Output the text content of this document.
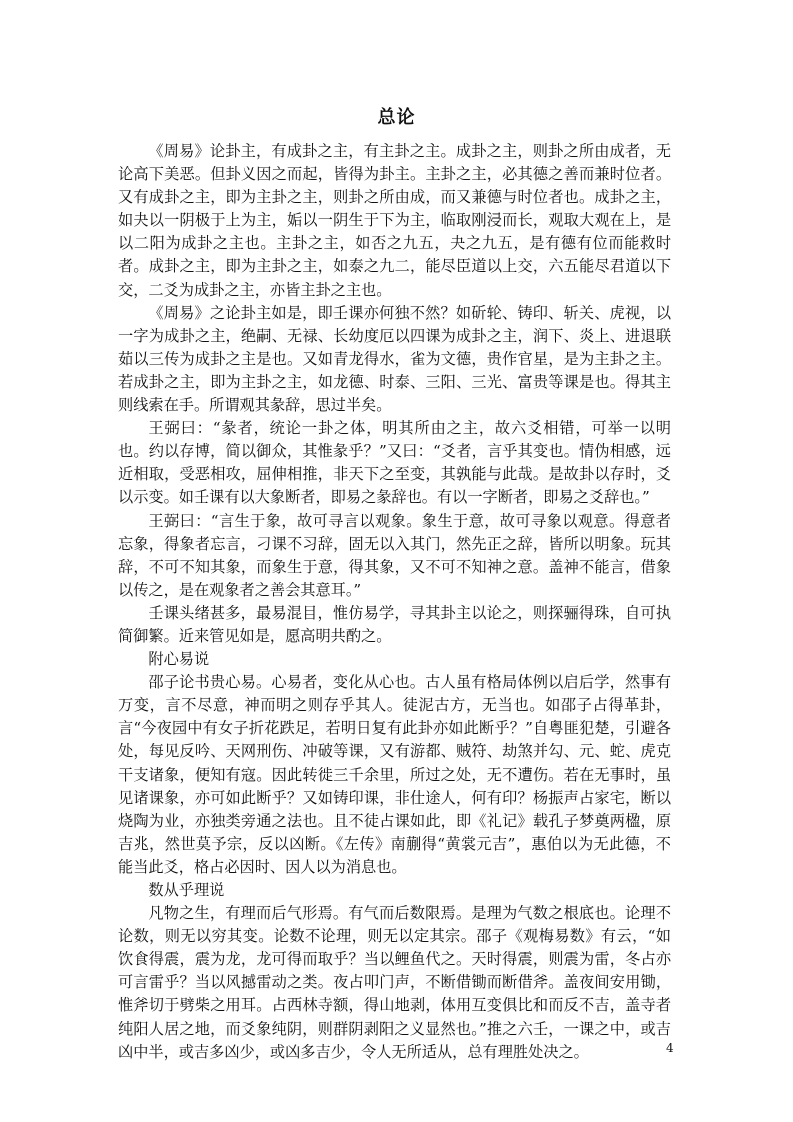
总论

《周易》论卦主，有成卦之主，有主卦之主。成卦之主，则卦之所由成者，无论高下美恶。但卦义因之而起，皆得为卦主。主卦之主，必其德之善而兼时位者。又有成卦之主，即为主卦之主，则卦之所由成，而又兼德与时位者也。成卦之主，如夬以一阴极于上为主，姤以一阴生于下为主，临取刚浸而长，观取大观在上，是以二阳为成卦之主也。主卦之主，如否之九五，夬之九五，是有德有位而能救时者。成卦之主，即为主卦之主，如泰之九二，能尽臣道以上交，六五能尽君道以下交，二爻为成卦之主，亦皆主卦之主也。

《周易》之论卦主如是，即壬课亦何独不然？如斫轮、铸印、斩关、虎视，以一字为成卦之主，绝嗣、无禄、长幼度厄以四课为成卦之主，润下、炎上、进退联茹以三传为成卦之主是也。又如青龙得水，雀为文德，贵作官星，是为主卦之主。若成卦之主，即为主卦之主，如龙德、时泰、三阳、三光、富贵等课是也。得其主则线索在手。所谓观其彖辞，思过半矣。

王弼曰：“彖者，统论一卦之体，明其所由之主，故六爻相错，可举一以明也。约以存博，简以御众，其惟彖乎？”又曰：“爻者，言乎其变也。情伪相感，远近相取，受恶相攻，屈伸相推，非天下之至变，其孰能与此哉。是故卦以存时，爻以示变。如壬课有以大象断者，即易之彖辞也。有以一字断者，即易之爻辞也。”

王弼曰：“言生于象，故可寻言以观象。象生于意，故可寻象以观意。得意者忘象，得象者忘言，刁课不习辞，固无以入其门，然先正之辞，皆所以明象。玩其辞，不可不知其象，而象生于意，得其象，又不可不知神之意。盖神不能言，借象以传之，是在观象者之善会其意耳。”

壬课头绪甚多，最易混目，惟仿易学，寻其卦主以论之，则探骊得珠，自可执简御繁。近来管见如是，愿高明共酌之。

附心易说

邵子论书贵心易。心易者，变化从心也。古人虽有格局体例以启后学，然事有万变，言不尽意，神而明之则存乎其人。徒泥古方，无当也。如邵子占得革卦，言“今夜园中有女子折花跌足，若明日复有此卦亦如此断乎？”自粤匪犯楚，引避各处，每见反吟、天网刑伤、冲破等课，又有游都、贼符、劫煞并勾、元、蛇、虎克干支诸象，便知有寇。因此转徙三千余里，所过之处，无不遭伤。若在无事时，虽见诸课象，亦可如此断乎？又如铸印课，非仕途人，何有印？杨振声占家宅，断以烧陶为业，亦独类旁通之法也。且不徒占课如此，即《礼记》载孔子梦奠两楹，原吉兆，然世莫予宗，反以凶断。《左传》南蒯得“黄裳元吉”，惠伯以为无此德，不能当此爻，格占必因时、因人以为消息也。

数从乎理说

凡物之生，有理而后气形焉。有气而后数限焉。是理为气数之根底也。论理不论数，则无以穷其变。论数不论理，则无以定其宗。邵子《观梅易数》有云，“如饮食得震，震为龙，龙可得而取乎？当以鲤鱼代之。天时得震，则震为雷，冬占亦可言雷乎？当以风撼雷动之类。夜占叩门声，不断借锄而断借斧。盖夜间安用锄，惟斧切于劈柴之用耳。占西林寺额，得山地剥，体用互变俱比和而反不吉，盖寺者纯阳人居之地，而爻象纯阴，则群阴剥阳之义显然也。”推之六壬，一课之中，或吉凶中半，或吉多凶少，或凶多吉少，令人无所适从，总有理胜处决之。	4
